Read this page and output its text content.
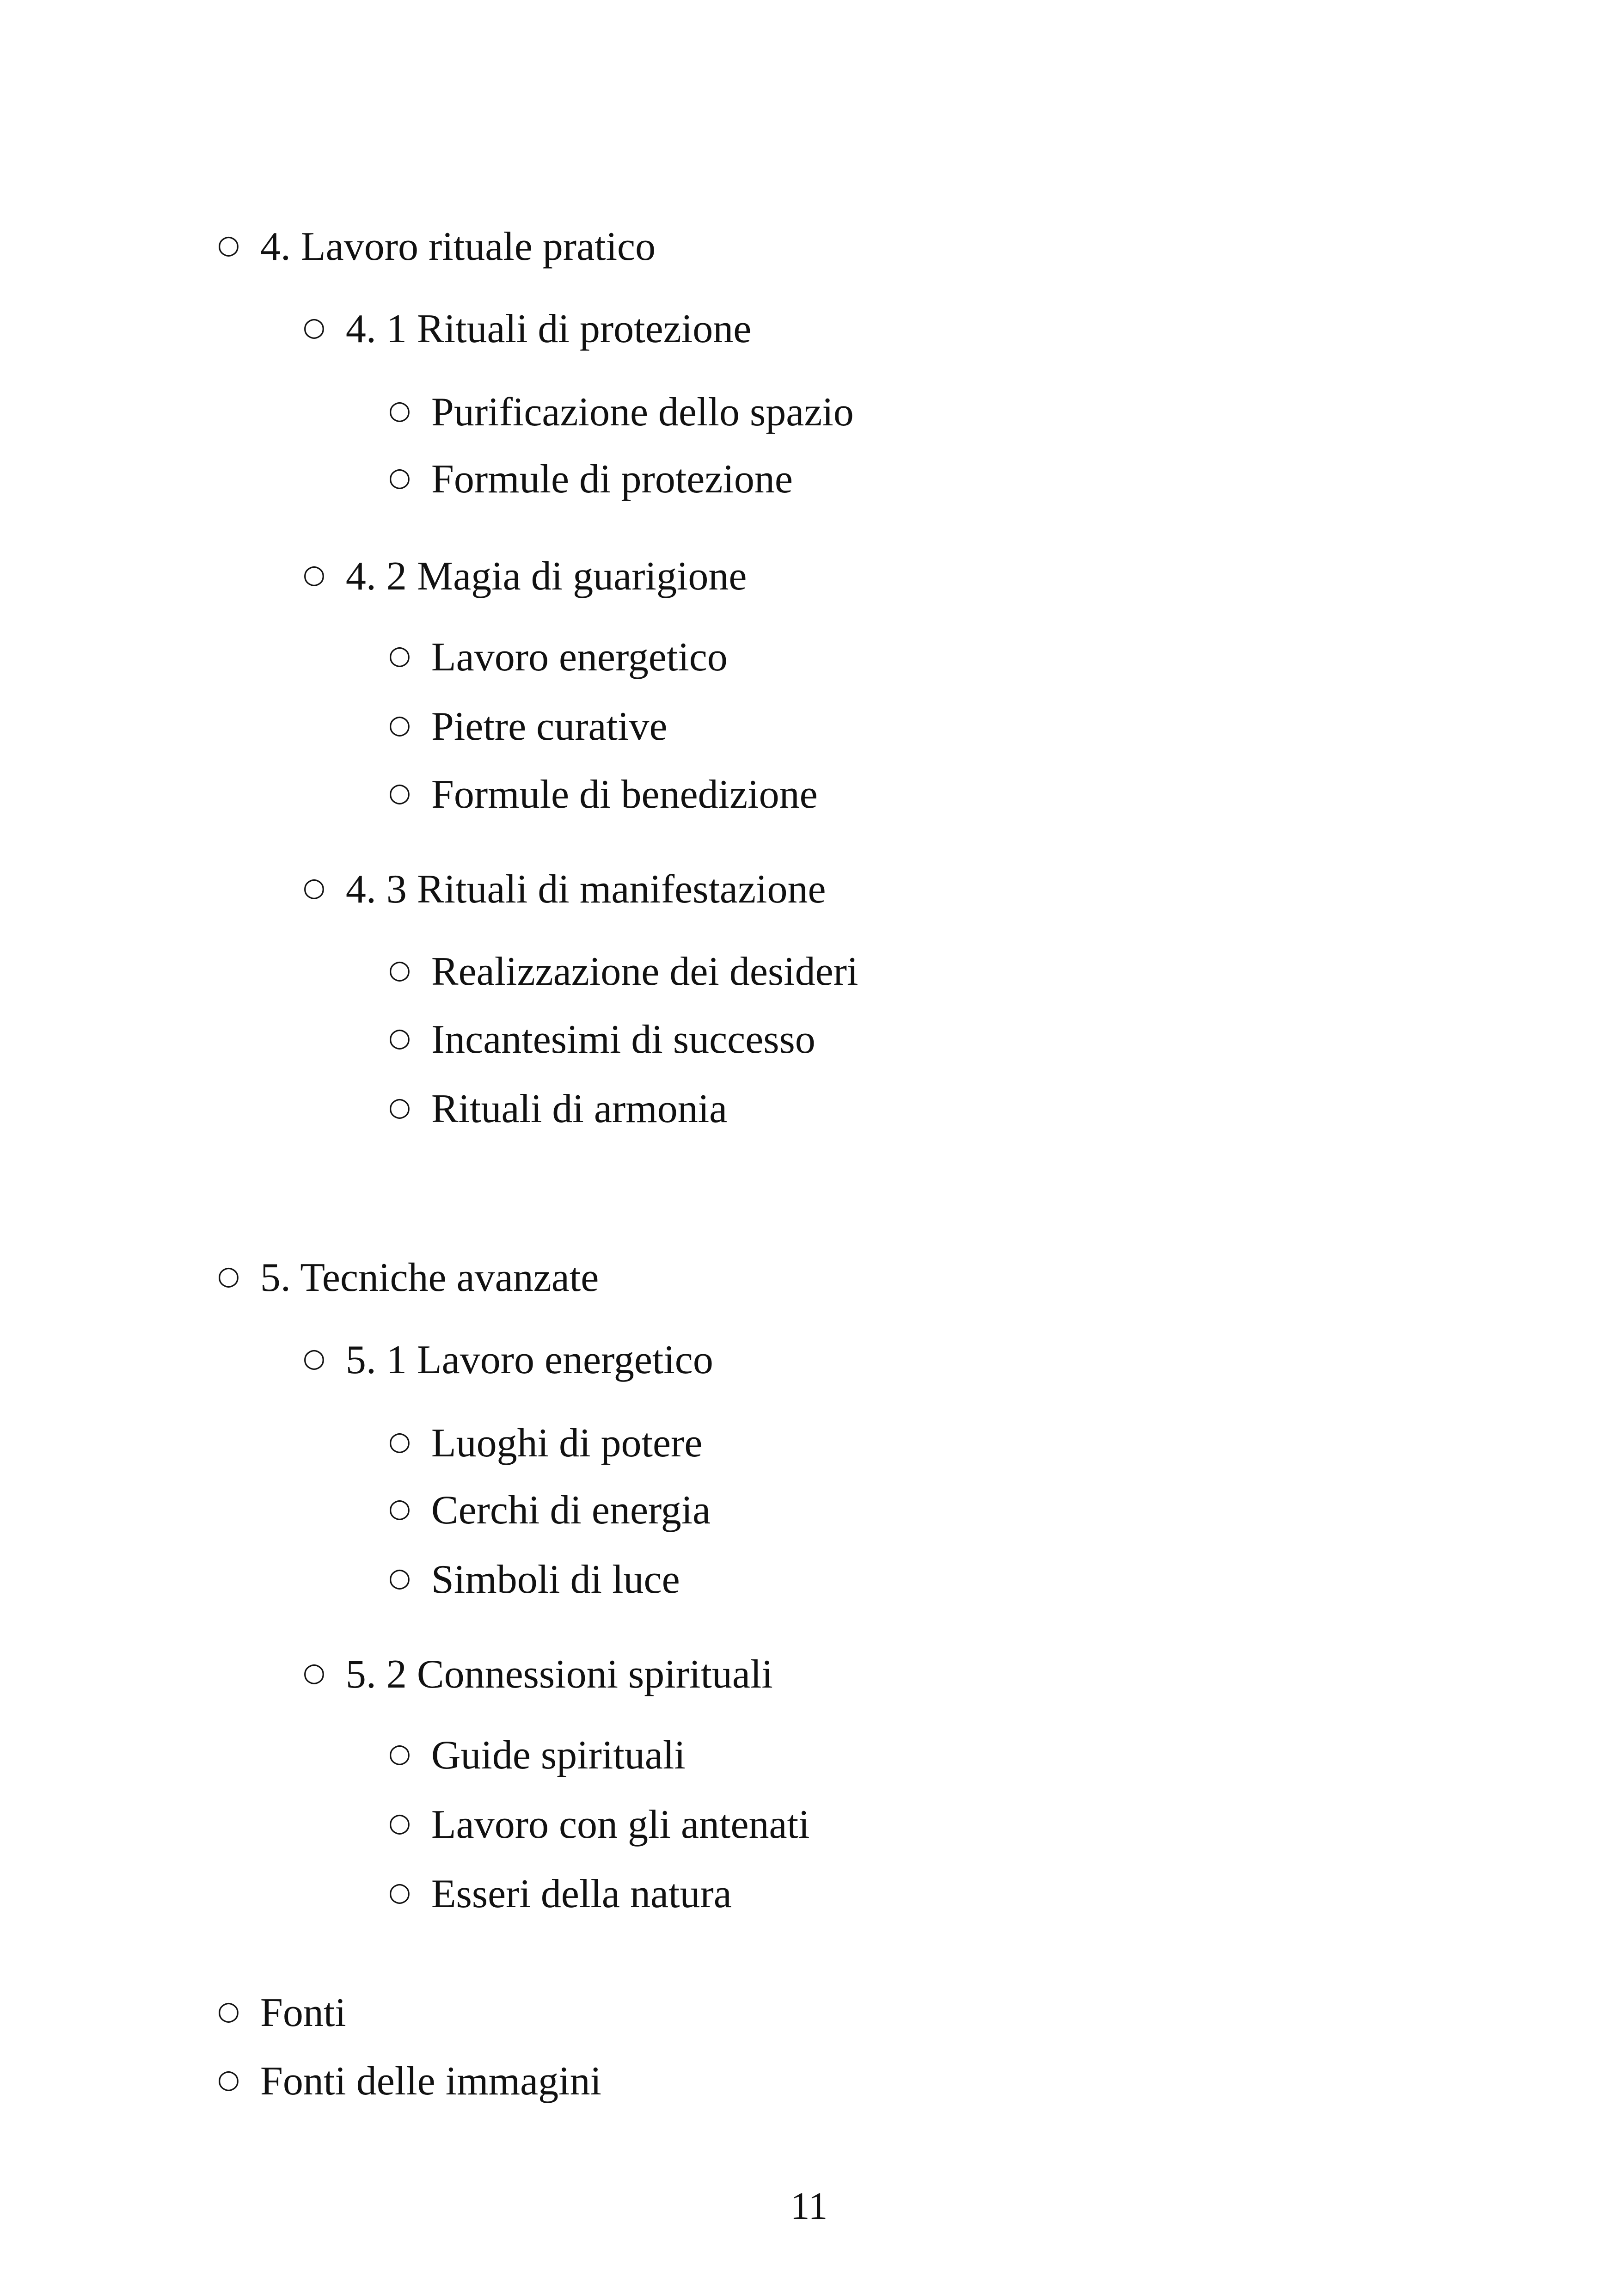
○ 4. Lavoro rituale pratico
○ 4. 1 Rituali di protezione
○ Purificazione dello spazio
○ Formule di protezione
○ 4. 2 Magia di guarigione
○ Lavoro energetico
○ Pietre curative
○ Formule di benedizione
○ 4. 3 Rituali di manifestazione
○ Realizzazione dei desideri
○ Incantesimi di successo
○ Rituali di armonia
○ 5. Tecniche avanzate
○ 5. 1 Lavoro energetico
○ Luoghi di potere
○ Cerchi di energia
○ Simboli di luce
○ 5. 2 Connessioni spirituali
○ Guide spirituali
○ Lavoro con gli antenati
○ Esseri della natura
○ Fonti
○ Fonti delle immagini
11
